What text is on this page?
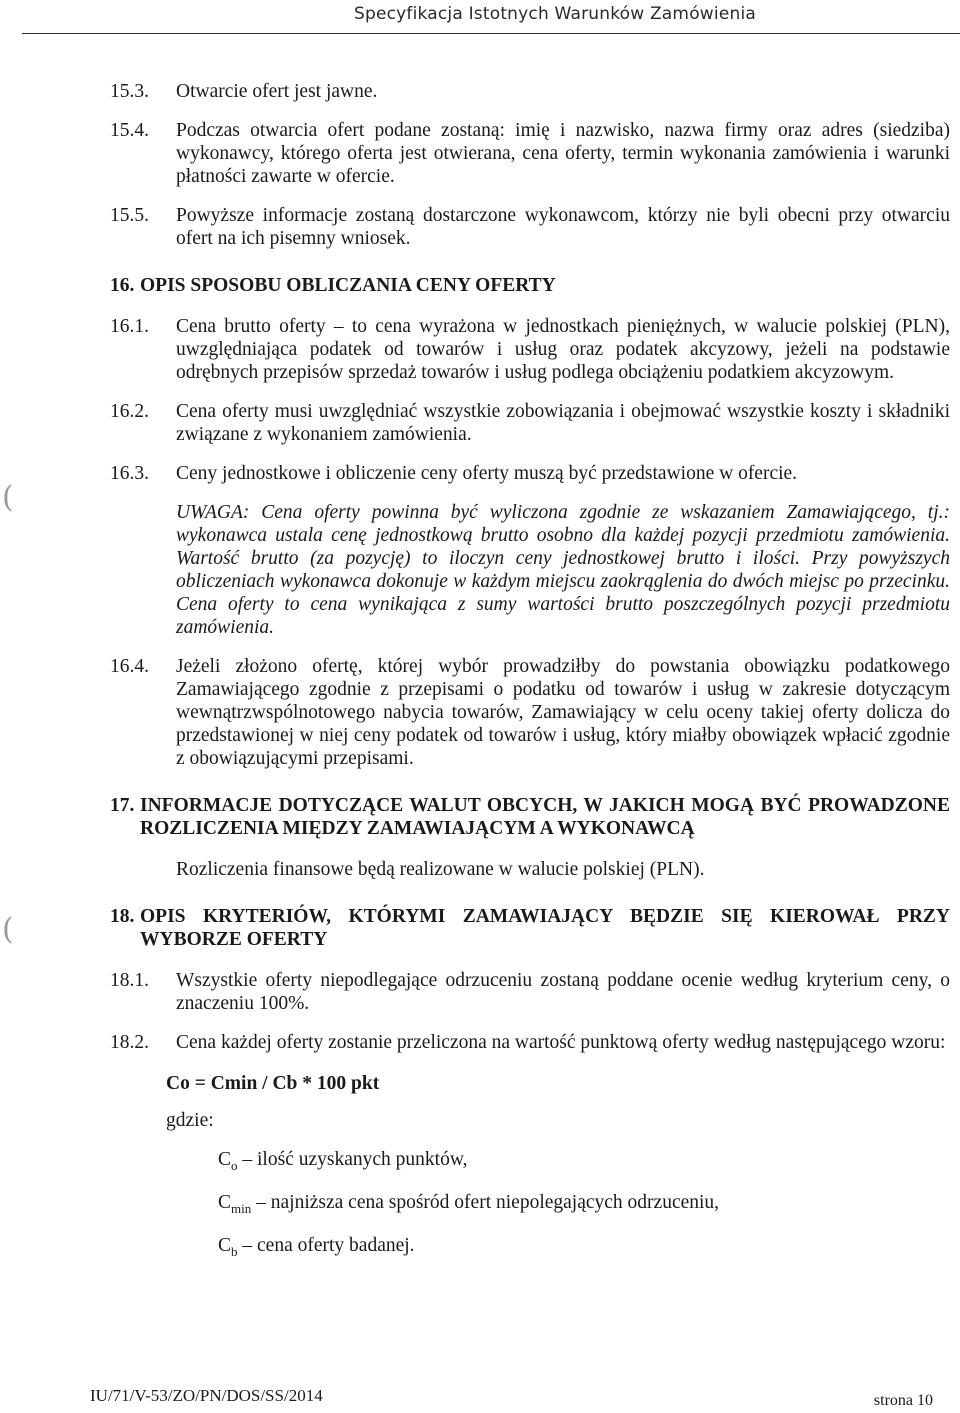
Specyfikacja Istotnych Warunków Zamówienia
(
(
15.3.	Otwarcie ofert jest jawne.
15.4.	Podczas otwarcia ofert podane zostaną: imię i nazwisko, nazwa firmy oraz adres (siedziba) wykonawcy, którego oferta jest otwierana, cena oferty, termin wykonania zamówienia i warunki płatności zawarte w ofercie.
15.5.	Powyższe informacje zostaną dostarczone wykonawcom, którzy nie byli obecni przy otwarciu ofert na ich pisemny wniosek.
16. OPIS SPOSOBU OBLICZANIA CENY OFERTY
16.1.	Cena brutto oferty – to cena wyrażona w jednostkach pieniężnych, w walucie polskiej (PLN), uwzględniająca podatek od towarów i usług oraz podatek akcyzowy, jeżeli na podstawie odrębnych przepisów sprzedaż towarów i usług podlega obciążeniu podatkiem akcyzowym.
16.2.	Cena oferty musi uwzględniać wszystkie zobowiązania i obejmować wszystkie koszty i składniki związane z wykonaniem zamówienia.
16.3.	Ceny jednostkowe i obliczenie ceny oferty muszą być przedstawione w ofercie.
UWAGA: Cena oferty powinna być wyliczona zgodnie ze wskazaniem Zamawiającego, tj.: wykonawca ustala cenę jednostkową brutto osobno dla każdej pozycji przedmiotu zamówienia. Wartość brutto (za pozycję) to iloczyn ceny jednostkowej brutto i ilości. Przy powyższych obliczeniach wykonawca dokonuje w każdym miejscu zaokrąglenia do dwóch miejsc po przecinku. Cena oferty to cena wynikająca z sumy wartości brutto poszczególnych pozycji przedmiotu zamówienia.
16.4.	Jeżeli złożono ofertę, której wybór prowadziłby do powstania obowiązku podatkowego Zamawiającego zgodnie z przepisami o podatku od towarów i usług w zakresie dotyczącym wewnątrzwspólnotowego nabycia towarów, Zamawiający w celu oceny takiej oferty dolicza do przedstawionej w niej ceny podatek od towarów i usług, który miałby obowiązek wpłacić zgodnie z obowiązującymi przepisami.
17. INFORMACJE DOTYCZĄCE WALUT OBCYCH, W JAKICH MOGĄ BYĆ PROWADZONE ROZLICZENIA MIĘDZY ZAMAWIAJĄCYM A WYKONAWCĄ
Rozliczenia finansowe będą realizowane w walucie polskiej (PLN).
18. OPIS KRYTERIÓW, KTÓRYMI ZAMAWIAJĄCY BĘDZIE SIĘ KIEROWAŁ PRZY WYBORZE OFERTY
18.1.	Wszystkie oferty niepodlegające odrzuceniu zostaną poddane ocenie według kryterium ceny, o znaczeniu 100%.
18.2.	Cena każdej oferty zostanie przeliczona na wartość punktową oferty według następującego wzoru:
Co = Cmin / Cb * 100 pkt
gdzie:
$C_o$ – ilość uzyskanych punktów,
$C_{min}$ – najniższa cena spośród ofert niepolegających odrzuceniu,
$C_b$ – cena oferty badanej.
IU/71/V-53/ZO/PN/DOS/SS/2014	strona 10
